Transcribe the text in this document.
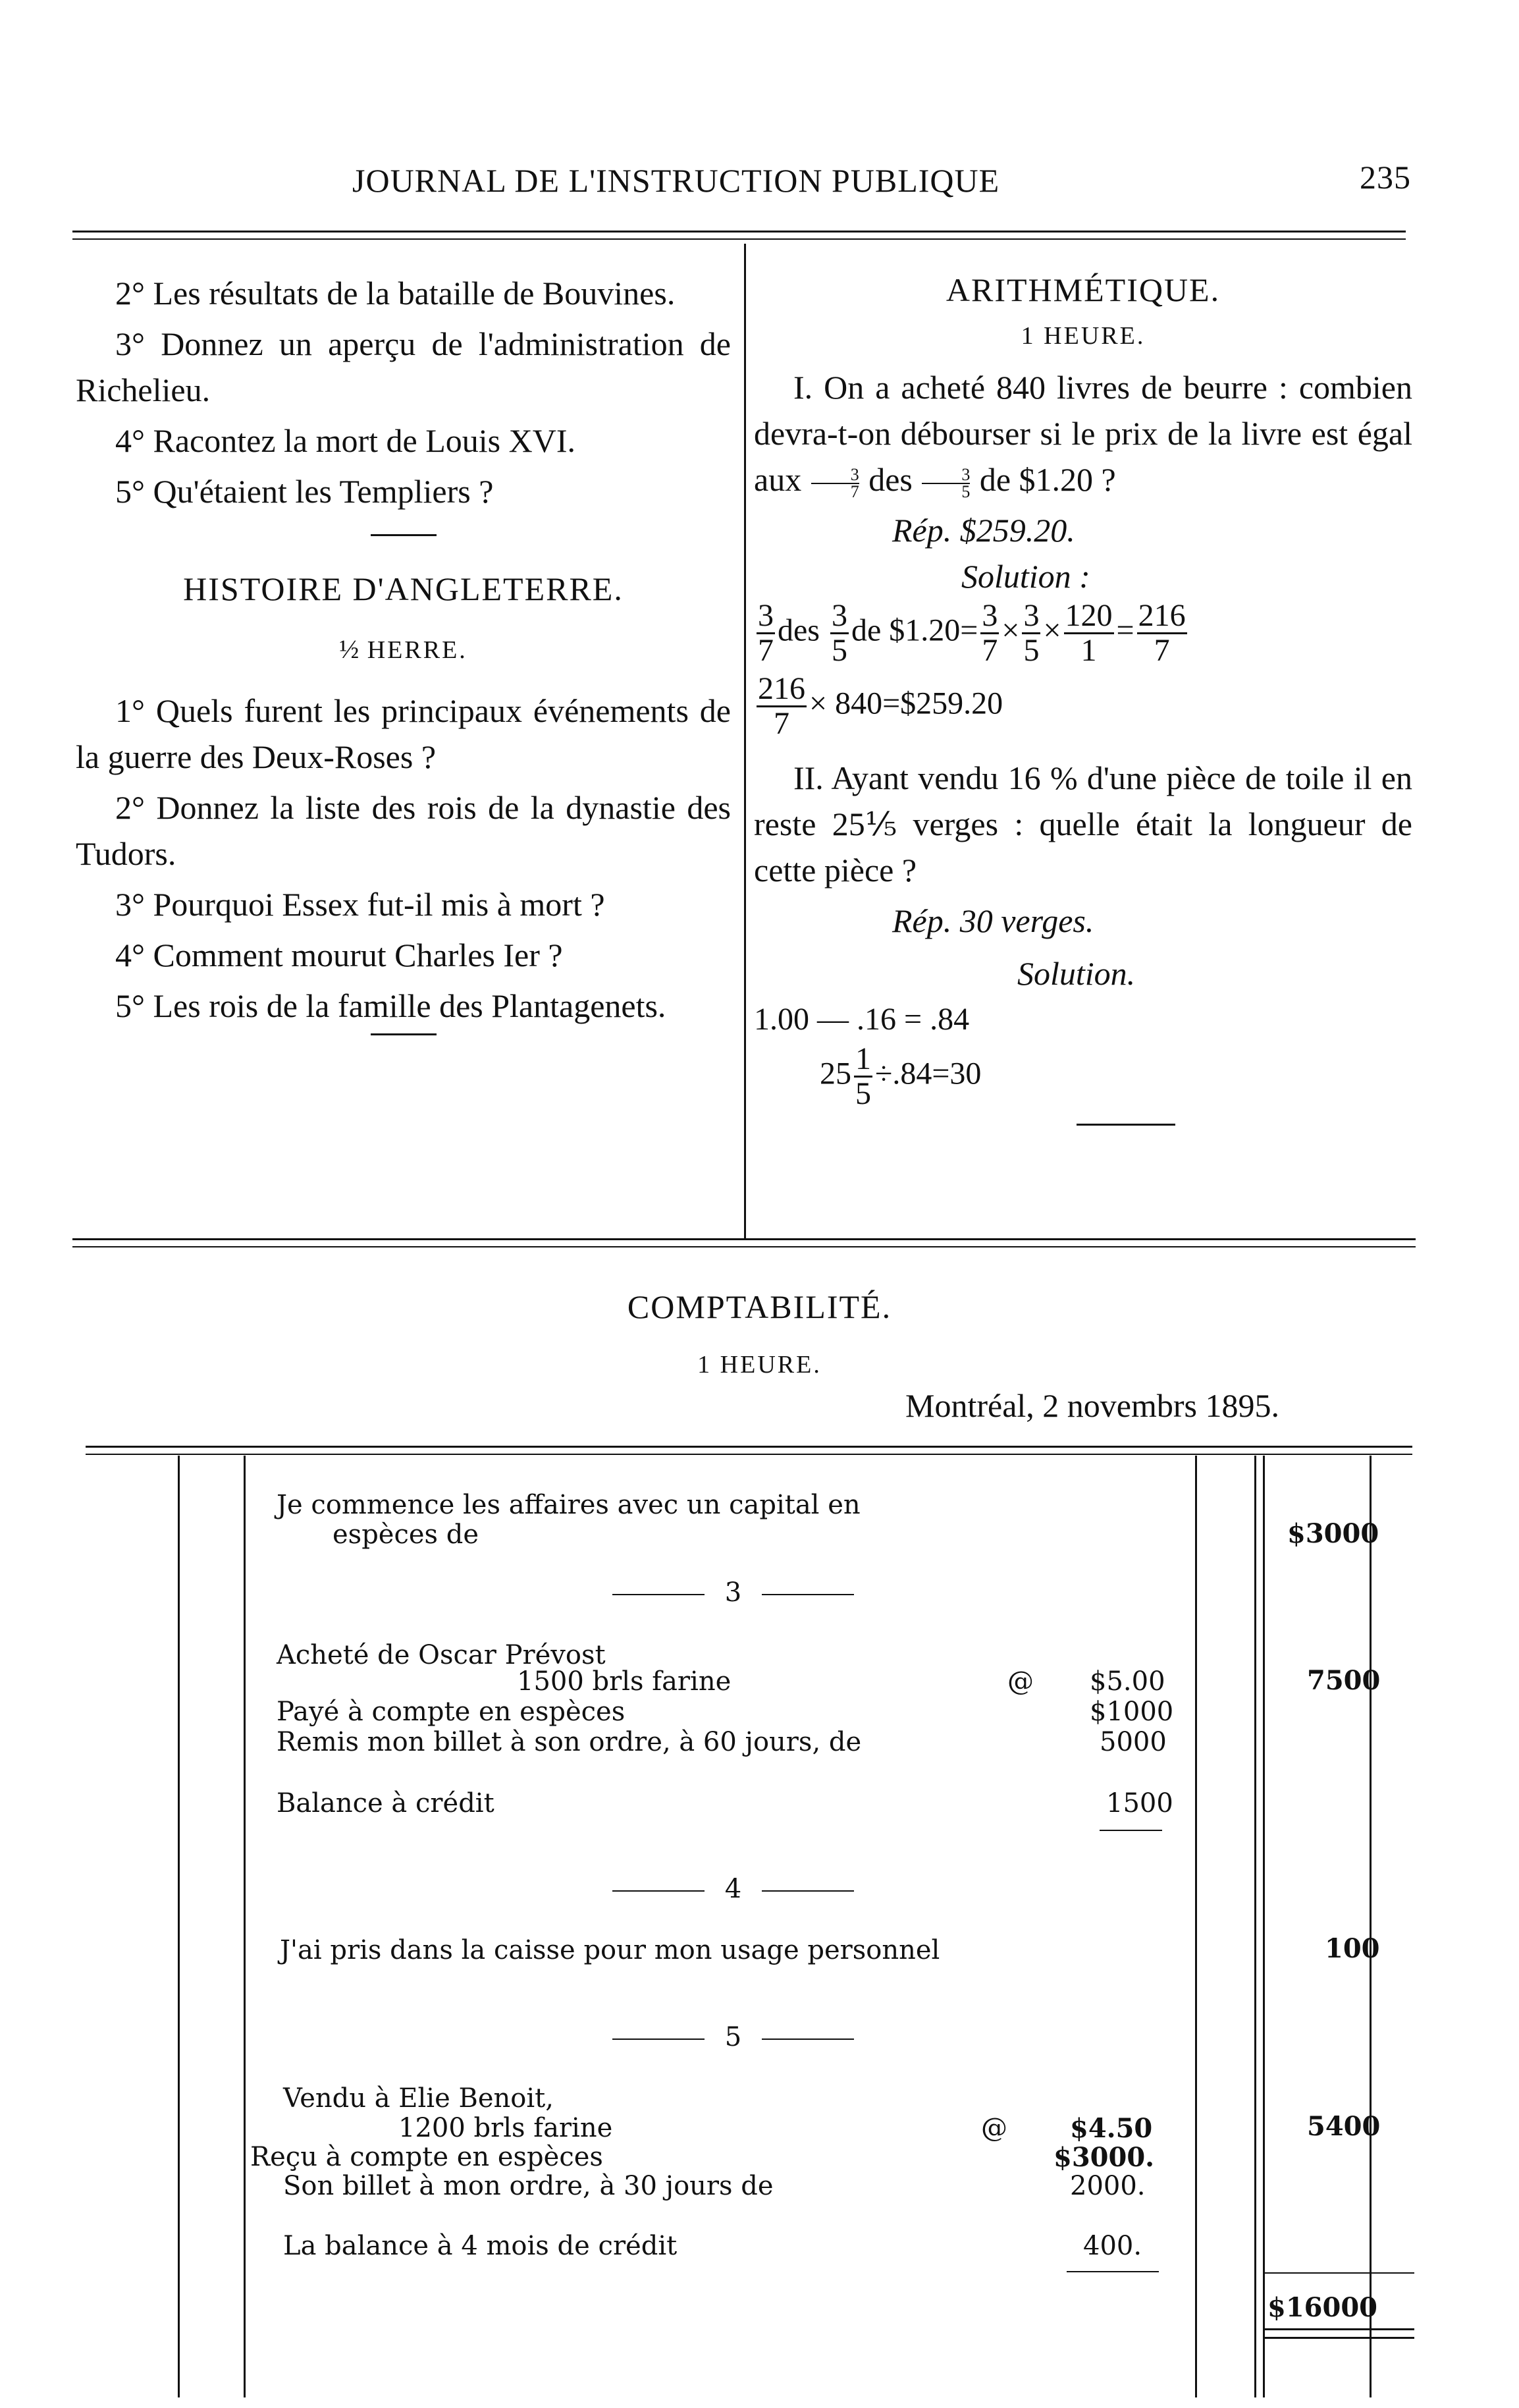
JOURNAL DE L'INSTRUCTION PUBLIQUE	235

2° Les résultats de la bataille de Bouvines.

3° Donnez un aperçu de l'administration de Richelieu.

4° Racontez la mort de Louis XVI.

5° Qu'étaient les Templiers ?

HISTOIRE D'ANGLETERRE.
½ HERRE.

1° Quels furent les principaux événements de la guerre des Deux-Roses ?

2° Donnez la liste des rois de la dynastie des Tudors.

3° Pourquoi Essex fut-il mis à mort ?

4° Comment mourut Charles Ier ?

5° Les rois de la famille des Plantagenets.

ARITHMÉTIQUE.
1 HEURE.

I. On a acheté 840 livres de beurre : combien devra-t-on débourser si le prix de la livre est égal aux $\frac{3}{7}$ des $\frac{3}{5}$ de $1.20 ?

Rép. $259.20.
Solution :
$\frac{3}{7}$ des $\frac{3}{5}$ de $1.20= $\frac{3}{7} \times \frac{3}{5} \times \frac{120}{1} = \frac{216}{7}$
$\frac{216}{7}$ × 840=$259.20

II. Ayant vendu 16 % d'une pièce de toile il en reste 25⅕ verges : quelle était la longueur de cette pièce ?

Rép. 30 verges.
Solution.
1.00 — .16 = .84
$25 \frac{1}{5} \div.84=30$
COMPTABILITÉ.
1 HEURE.
Montréal, 2 novembrs 1895.
Je commence les affaires avec un capital en
espèces de	$3000
3
Acheté de Oscar Prévost
1500 brls farine	@ $5.00	7500
Payé à compte en espèces	$1000
Remis mon billet à son ordre, à 60 jours, de	5000
Balance à crédit	1500
4
J'ai pris dans la caisse pour mon usage personnel	100
5
Vendu à Elie Benoit,
1200 brls farine	@ $4.50	5400
Reçu à compte en espèces	$3000.
Son billet à mon ordre, à 30 jours de	2000.
La balance à 4 mois de crédit	400.
$16000
